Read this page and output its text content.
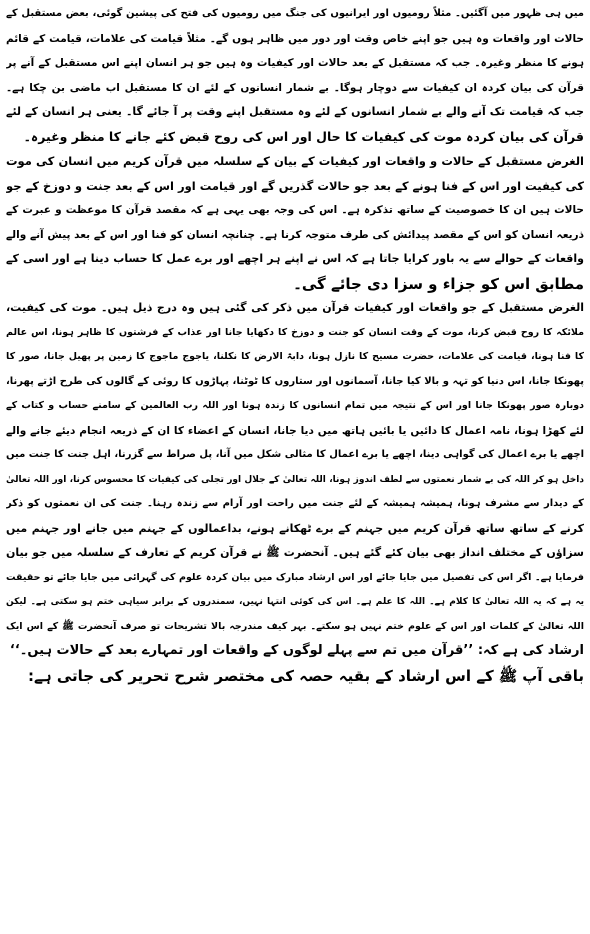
میں ہی ظہور میں آگئیں۔ مثلاً رومیوں اور ایرانیوں کی جنگ میں رومیوں کی فتح کی پیشین گوئی، بعض مستقبل کے
حالات اور واقعات وہ ہیں جو اپنے خاص وقت اور دور میں ظاہر ہوں گے۔ مثلاً قیامت کی علامات، قیامت کے قائم
ہونے کا منظر وغیرہ۔ جب کہ مستقبل کے بعد حالات اور کیفیات وہ ہیں جو ہر انسان اپنے اس مستقبل کے آنے پر
قرآن کی بیان کردہ ان کیفیات سے دوچار ہوگا۔ بے شمار انسانوں کے لئے ان کا مستقبل اب ماضی بن چکا ہے۔
جب کہ قیامت تک آنے والے بے شمار انسانوں کے لئے وہ مستقبل اپنے وقت پر آ جائے گا۔ یعنی ہر انسان کے لئے
قرآن کی بیان کردہ موت کی کیفیات کا حال اور اس کی روح قبض کئے جانے کا منظر وغیرہ۔
الغرض مستقبل کے حالات و واقعات اور کیفیات کے بیان کے سلسلہ میں قرآن کریم میں انسان کی موت
کی کیفیت اور اس کے فنا ہونے کے بعد جو حالات گذریں گے اور قیامت اور اس کے بعد جنت و دوزخ کے جو
حالات ہیں ان کا خصوصیت کے ساتھ تذکرہ ہے۔ اس کی وجہ بھی یہی ہے کہ مقصد قرآن کا موعظت و عبرت کے
ذریعہ انسان کو اس کے مقصد پیدائش کی طرف متوجہ کرنا ہے۔ چنانچہ انسان کو فنا اور اس کے بعد پیش آنے والے
واقعات کے حوالے سے یہ باور کرایا جاتا ہے کہ اس نے اپنے ہر اچھے اور برے عمل کا حساب دینا ہے اور اسی کے
مطابق اس کو جزاء و سزا دی جائے گی۔
الغرض مستقبل کے جو واقعات اور کیفیات قرآن میں ذکر کی گئی ہیں وہ درج ذیل ہیں۔ موت کی کیفیت،
ملائکہ کا روح قبض کرنا، موت کے وقت انسان کو جنت و دوزخ کا دکھایا جانا اور عذاب کے فرشتوں کا ظاہر ہونا، اس عالم
کا فنا ہونا، قیامت کی علامات، حضرت مسیح کا نازل ہونا، دابۃ الارض کا نکلنا، یاجوج ماجوج کا زمین پر پھیل جانا، صور کا
پھونکا جانا، اس دنیا کو تہہ و بالا کیا جانا، آسمانوں اور ستاروں کا ٹوٹنا، پہاڑوں کا روئی کے گالوں کی طرح اڑتے پھرنا،
دوبارہ صور پھونکا جانا اور اس کے نتیجہ میں تمام انسانوں کا زندہ ہونا اور اللہ رب العالمین کے سامنے حساب و کتاب کے
لئے کھڑا ہونا، نامہ اعمال کا دائیں یا بائیں ہاتھ میں دیا جانا، انسان کے اعضاء کا ان کے ذریعہ انجام دیئے جانے والے
اچھے یا برے اعمال کی گواہی دینا، اچھے یا برے اعمال کا مثالی شکل میں آنا، پل صراط سے گزرنا، اہل جنت کا جنت میں
داخل ہو کر اللہ کی بے شمار نعمتوں سے لطف اندوز ہونا، اللہ تعالیٰ کے جلال اور تجلی کی کیفیات کا محسوس کرنا، اور اللہ تعالیٰ
کے دیدار سے مشرف ہونا، ہمیشہ ہمیشہ کے لئے جنت میں راحت اور آرام سے زندہ رہنا۔ جنت کی ان نعمتوں کو ذکر
کرنے کے ساتھ ساتھ قرآن کریم میں جہنم کے برے ٹھکانے ہونے، بداعمالوں کے جہنم میں جانے اور جہنم میں
سزاؤں کے مختلف انداز بھی بیان کئے گئے ہیں۔ آنحضرت ﷺ نے قرآن کریم کے تعارف کے سلسلہ میں جو بیان
فرمایا ہے۔ اگر اس کی تفصیل میں جایا جائے اور اس ارشاد مبارک میں بیان کردہ علوم کی گہرائی میں جایا جائے تو حقیقت
یہ ہے کہ یہ اللہ تعالیٰ کا کلام ہے۔ اللہ کا علم ہے۔ اس کی کوئی انتہا نہیں، سمندروں کے برابر سیاہی ختم ہو سکتی ہے۔ لیکن
اللہ تعالیٰ کے کلمات اور اس کے علوم ختم نہیں ہو سکتے۔ بہر کیف مندرجہ بالا تشریحات تو صرف آنحضرت ﷺ کے اس ایک
ارشاد کی ہے کہ: ’’قرآن میں تم سے پہلے لوگوں کے واقعات اور تمہارے بعد کے حالات ہیں۔‘‘
باقی آپ ﷺ کے اس ارشاد کے بقیہ حصہ کی مختصر شرح تحریر کی جاتی ہے:
